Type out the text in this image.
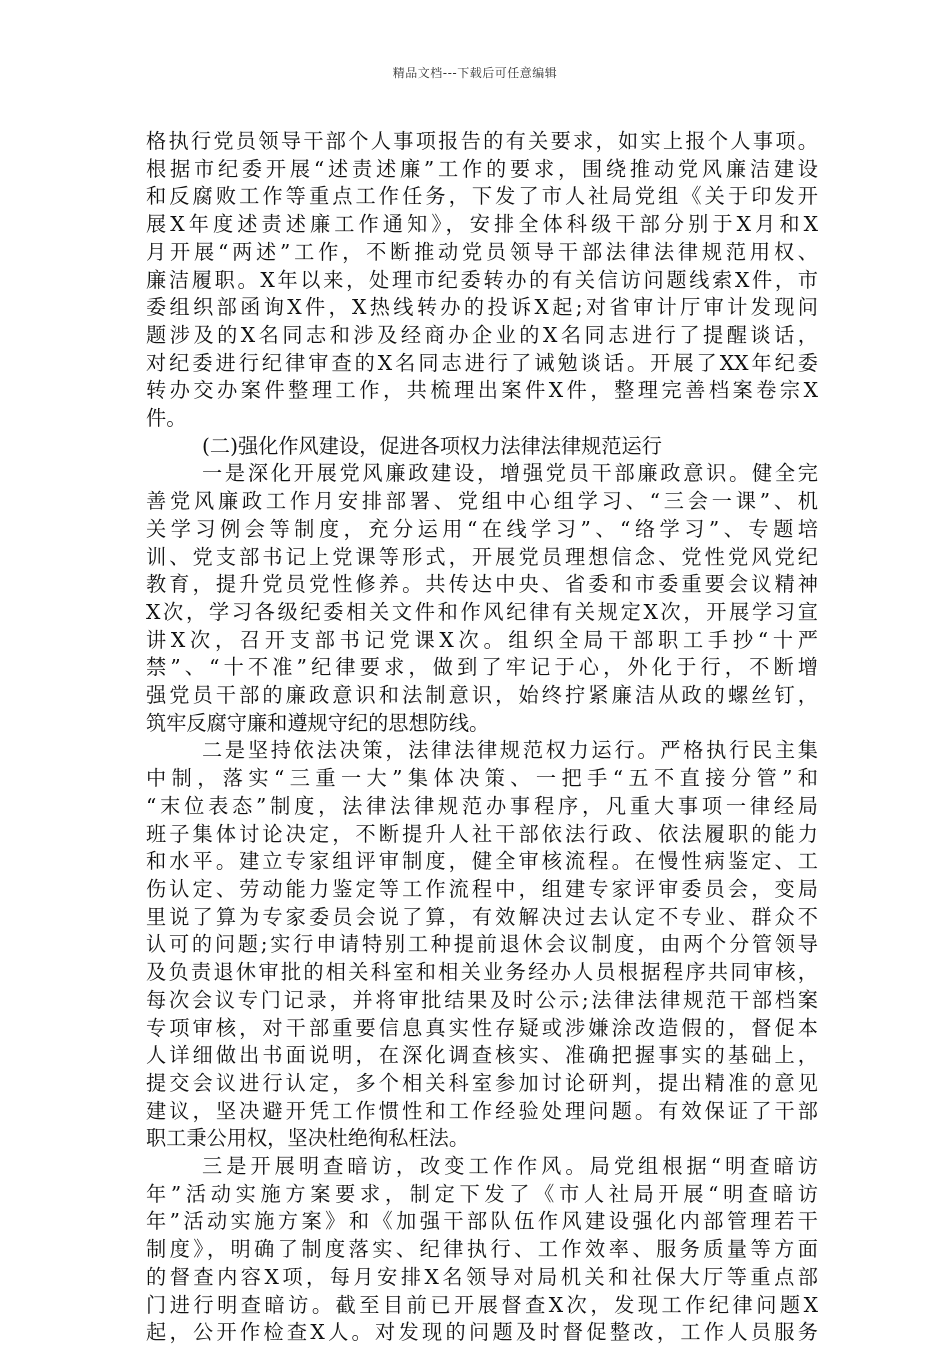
精品文档---下载后可任意编辑
格执行党员领导干部个人事项报告的有关要求，如实上报个人事项。
根据市纪委开展“述责述廉”工作的要求，围绕推动党风廉洁建设
和反腐败工作等重点工作任务，下发了市人社局党组《关于印发开
展X年度述责述廉工作通知》，安排全体科级干部分别于X月和X
月开展“两述”工作，不断推动党员领导干部法律法律规范用权、
廉洁履职。X年以来，处理市纪委转办的有关信访问题线索X件，市
委组织部函询X件，X热线转办的投诉X起;对省审计厅审计发现问
题涉及的X名同志和涉及经商办企业的X名同志进行了提醒谈话，
对纪委进行纪律审查的X名同志进行了诫勉谈话。开展了XX年纪委
转办交办案件整理工作，共梳理出案件X件，整理完善档案卷宗X
件。
(二)强化作风建设，促进各项权力法律法律规范运行
一是深化开展党风廉政建设，增强党员干部廉政意识。健全完
善党风廉政工作月安排部署、党组中心组学习、“三会一课”、机
关学习例会等制度，充分运用“在线学习”、“络学习”、专题培
训、党支部书记上党课等形式，开展党员理想信念、党性党风党纪
教育，提升党员党性修养。共传达中央、省委和市委重要会议精神
X次，学习各级纪委相关文件和作风纪律有关规定X次，开展学习宣
讲X次，召开支部书记党课X次。组织全局干部职工手抄“十严
禁”、“十不准”纪律要求，做到了牢记于心，外化于行，不断增
强党员干部的廉政意识和法制意识，始终拧紧廉洁从政的螺丝钉，
筑牢反腐守廉和遵规守纪的思想防线。
二是坚持依法决策，法律法律规范权力运行。严格执行民主集
中制，落实“三重一大”集体决策、一把手“五不直接分管”和
“末位表态”制度，法律法律规范办事程序，凡重大事项一律经局
班子集体讨论决定，不断提升人社干部依法行政、依法履职的能力
和水平。建立专家组评审制度，健全审核流程。在慢性病鉴定、工
伤认定、劳动能力鉴定等工作流程中，组建专家评审委员会，变局
里说了算为专家委员会说了算，有效解决过去认定不专业、群众不
认可的问题;实行申请特别工种提前退休会议制度，由两个分管领导
及负责退休审批的相关科室和相关业务经办人员根据程序共同审核，
每次会议专门记录，并将审批结果及时公示;法律法律规范干部档案
专项审核，对干部重要信息真实性存疑或涉嫌涂改造假的，督促本
人详细做出书面说明，在深化调查核实、准确把握事实的基础上，
提交会议进行认定，多个相关科室参加讨论研判，提出精准的意见
建议，坚决避开凭工作惯性和工作经验处理问题。有效保证了干部
职工秉公用权，坚决杜绝徇私枉法。
三是开展明查暗访，改变工作作风。局党组根据“明查暗访
年”活动实施方案要求，制定下发了《市人社局开展“明查暗访
年”活动实施方案》和《加强干部队伍作风建设强化内部管理若干
制度》，明确了制度落实、纪律执行、工作效率、服务质量等方面
的督查内容X项，每月安排X名领导对局机关和社保大厅等重点部
门进行明查暗访。截至目前已开展督查X次，发现工作纪律问题X
起，公开作检查X人。对发现的问题及时督促整改，工作人员服务
